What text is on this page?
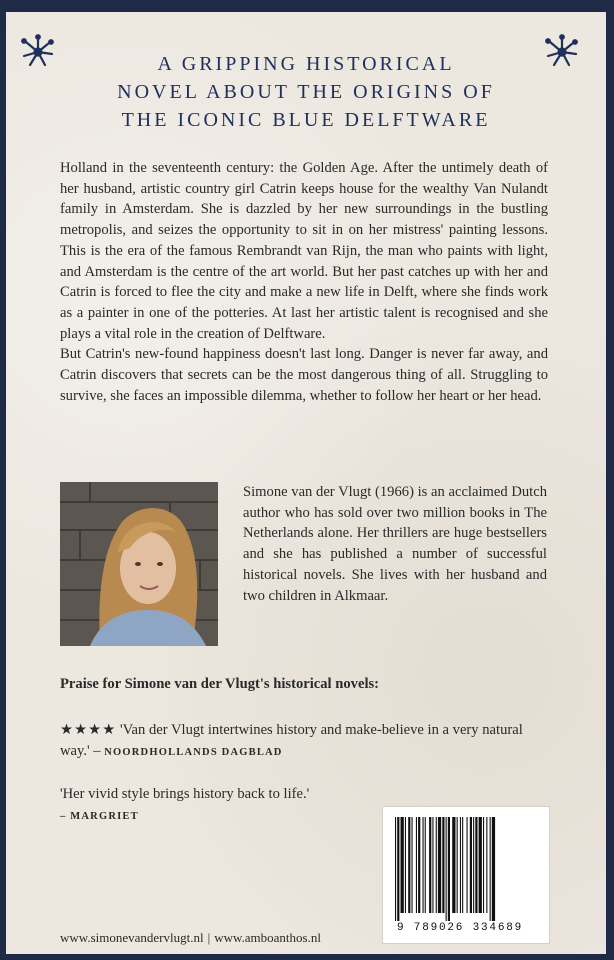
A GRIPPING HISTORICAL
NOVEL ABOUT THE ORIGINS OF
THE ICONIC BLUE DELFTWARE

Holland in the seventeenth century: the Golden Age. After the untimely death of her husband, artistic country girl Catrin keeps house for the wealthy Van Nulandt family in Amsterdam. She is dazzled by her new surroundings in the bustling metropolis, and seizes the opportunity to sit in on her mistress' painting lessons. This is the era of the famous Rembrandt van Rijn, the man who paints with light, and Amsterdam is the centre of the art world. But her past catches up with her and Catrin is forced to flee the city and make a new life in Delft, where she finds work as a painter in one of the potteries. At last her artistic talent is recognised and she plays a vital role in the creation of Delftware.

But Catrin's new-found happiness doesn't last long. Danger is never far away, and Catrin discovers that secrets can be the most dangerous thing of all. Struggling to survive, she faces an impossible dilemma, whether to follow her heart or her head.

Simone van der Vlugt (1966) is an acclaimed Dutch author who has sold over two million books in The Netherlands alone. Her thrillers are huge bestsellers and she has published a number of successful historical novels. She lives with her husband and two children in Alkmaar.

Praise for Simone van der Vlugt's historical novels:

★★★★ 'Van der Vlugt intertwines history and make-believe in a very natural way.' – NOORDHOLLANDS DAGBLAD

'Her vivid style brings history back to life.'
– MARGRIET

9 789026 334689

www.simonevandervlugt.nl | www.amboanthos.nl
